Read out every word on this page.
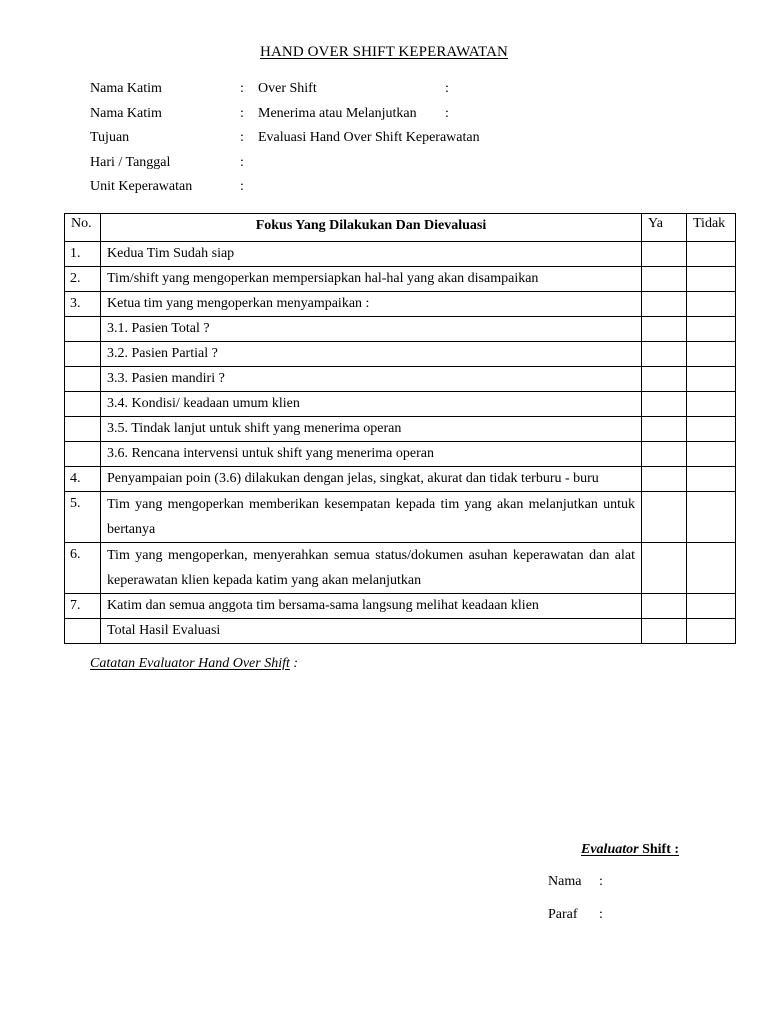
HAND OVER SHIFT KEPERAWATAN
Nama Katim	: Over Shift	:
Nama Katim	: Menerima atau Melanjutkan :
Tujuan	: Evaluasi Hand Over Shift Keperawatan
Hari / Tanggal	:
Unit Keperawatan	:
No.	Fokus Yang Dilakukan Dan Dievaluasi	Ya	Tidak
1.	Kedua Tim Sudah siap		
2.	Tim/shift yang mengoperkan mempersiapkan hal-hal yang akan disampaikan		
3.	Ketua tim yang mengoperkan menyampaikan :		
	3.1. Pasien Total ?		
	3.2. Pasien Partial ?		
	3.3. Pasien mandiri ?		
	3.4. Kondisi/ keadaan umum klien		
	3.5. Tindak lanjut untuk shift yang menerima operan		
	3.6. Rencana intervensi untuk shift yang menerima operan		
4.	Penyampaian poin (3.6) dilakukan dengan jelas, singkat, akurat dan tidak terburu - buru		
5.	Tim yang mengoperkan memberikan kesempatan kepada tim yang akan melanjutkan untuk bertanya		
6.	Tim yang mengoperkan, menyerahkan semua status/dokumen asuhan keperawatan dan alat keperawatan klien kepada katim yang akan melanjutkan		
7.	Katim dan semua anggota tim bersama-sama langsung melihat keadaan klien		
	Total Hasil Evaluasi		
Catatan Evaluator Hand Over Shift :
Evaluator Shift :
Nama :
Paraf :
